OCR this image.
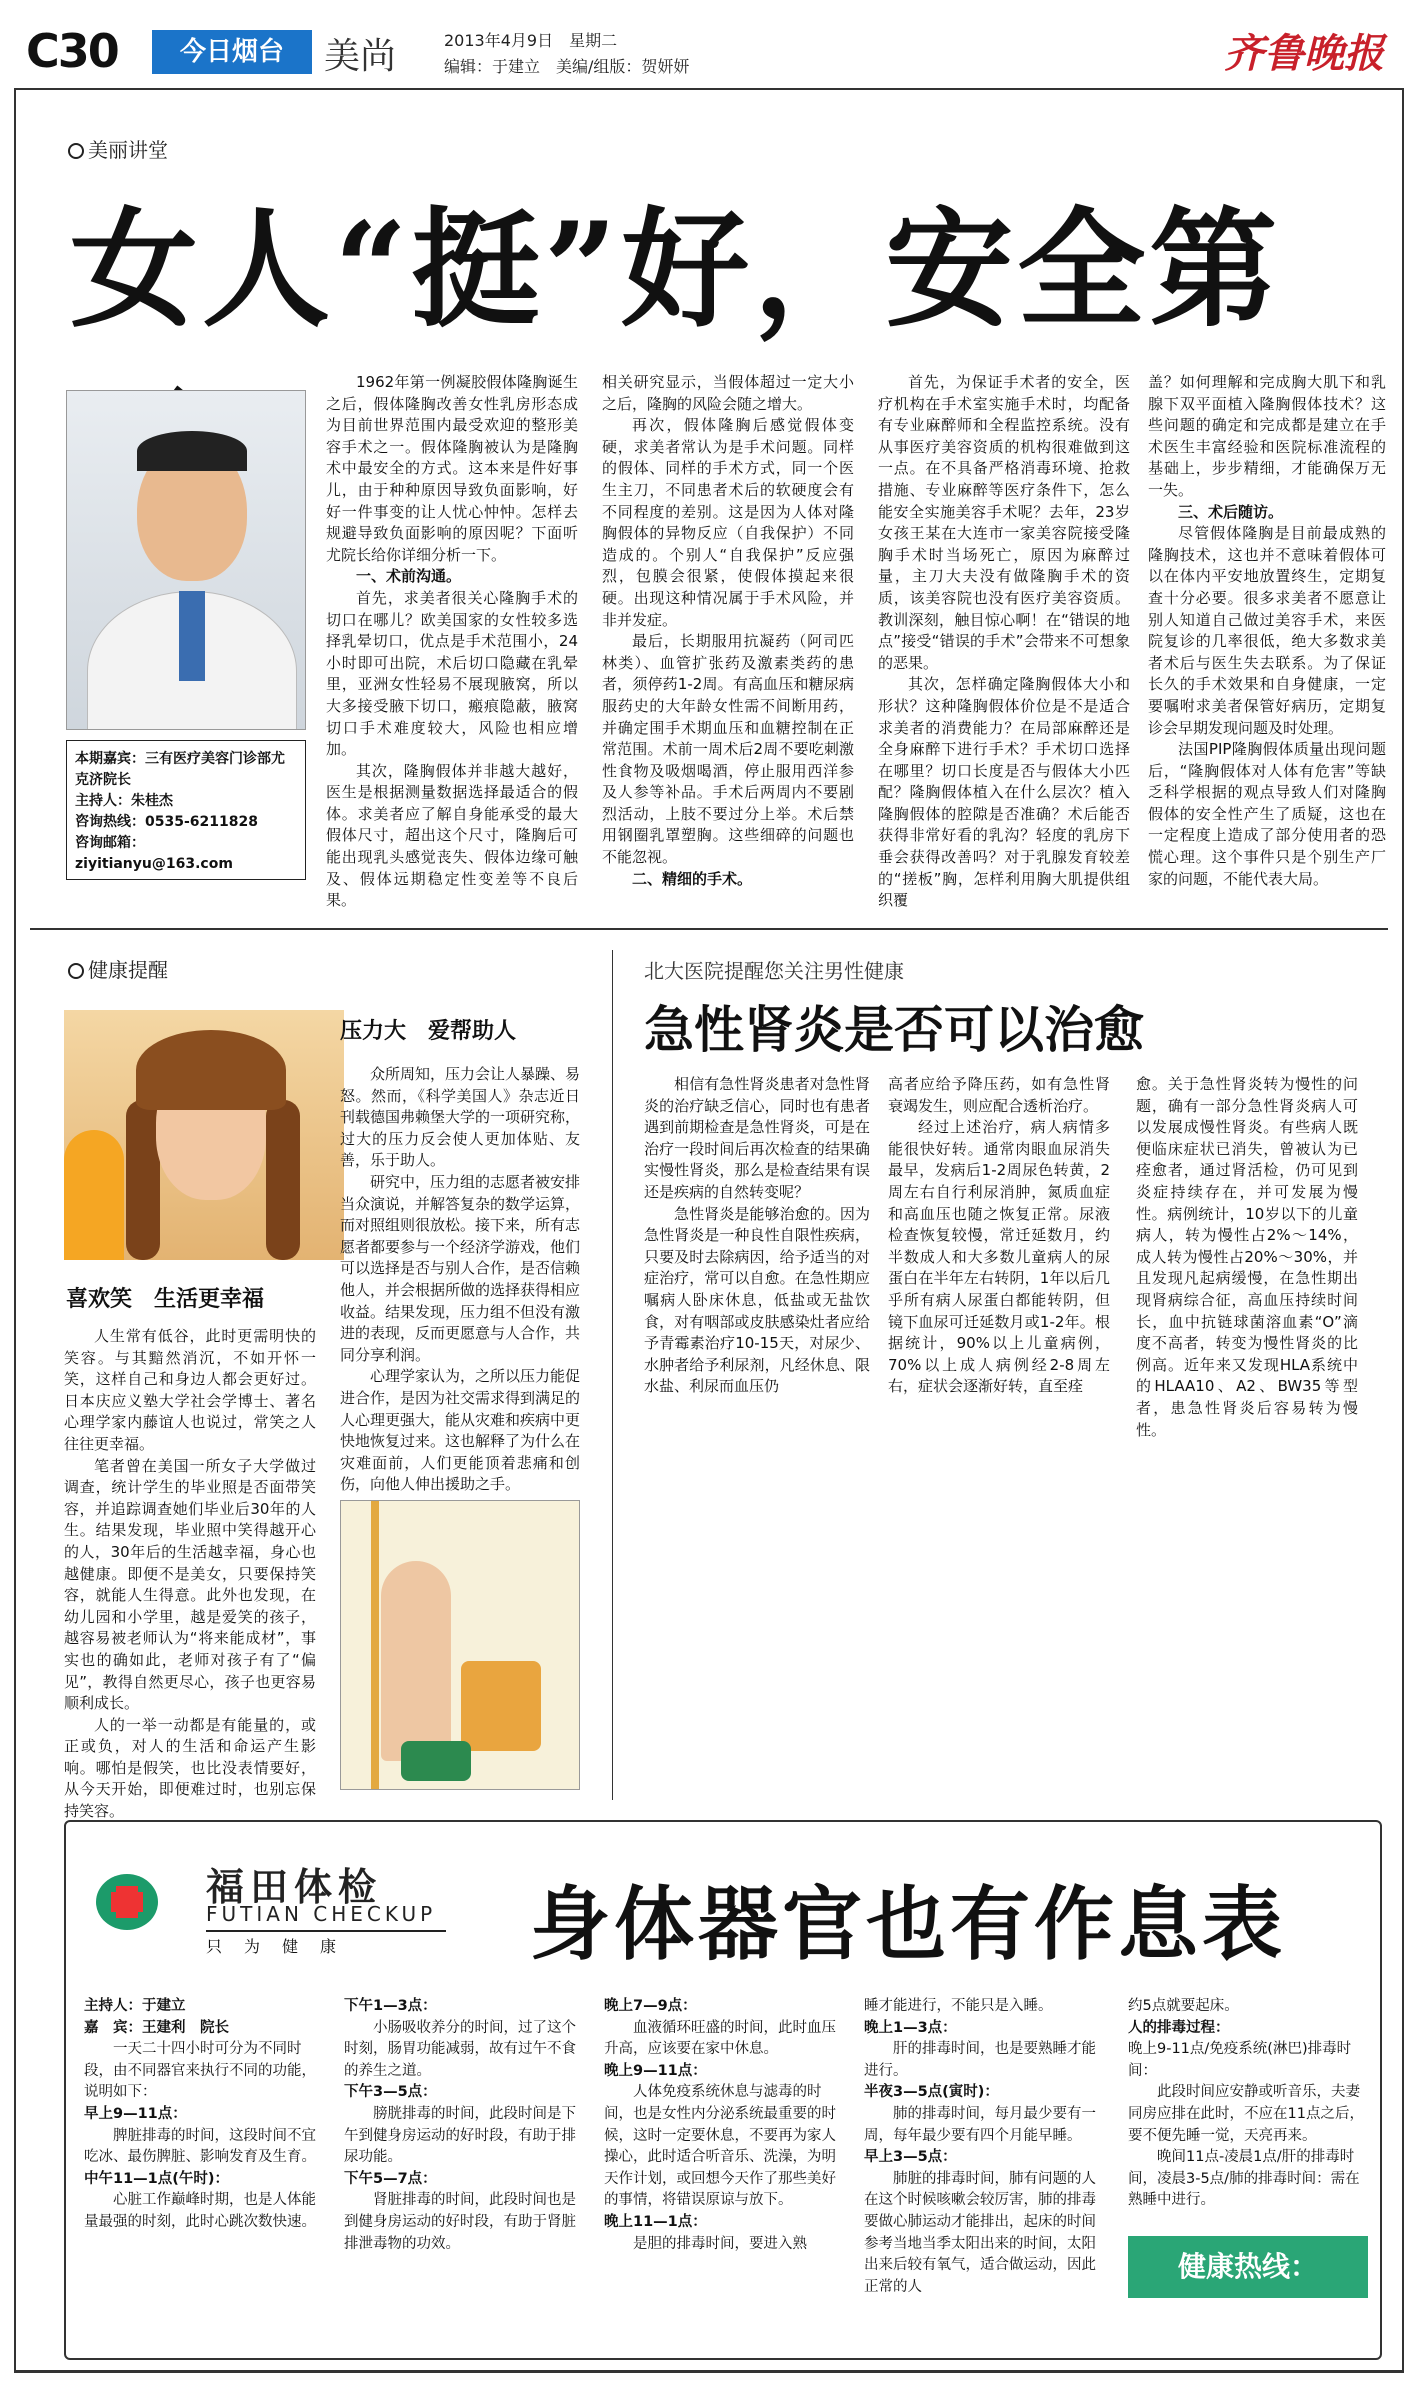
C30	今日烟台	美尚	2013年4月9日　星期二
编辑：于建立　美编/组版：贺妍妍	齐鲁晚报
美丽讲堂
女人“挺”好，安全第
本期嘉宾：三有医疗美容门诊部尤克济院长
主持人：朱桂杰
咨询热线：0535-6211828
咨询邮箱：ziyitianyu@163.com

1962年第一例凝胶假体隆胸诞生之后，假体隆胸改善女性乳房形态成为目前世界范围内最受欢迎的整形美容手术之一。假体隆胸被认为是隆胸术中最安全的方式。这本来是件好事儿，由于种种原因导致负面影响，好好一件事变的让人忧心忡忡。怎样去规避导致负面影响的原因呢？下面听尤院长给你详细分析一下。

一、术前沟通。

首先，求美者很关心隆胸手术的切口在哪儿？欧美国家的女性较多选择乳晕切口，优点是手术范围小，24小时即可出院，术后切口隐藏在乳晕里，亚洲女性轻易不展现腋窝，所以大多接受腋下切口，瘢痕隐蔽，腋窝切口手术难度较大，风险也相应增加。

其次，隆胸假体并非越大越好，医生是根据测量数据选择最适合的假体。求美者应了解自身能承受的最大假体尺寸，超出这个尺寸，隆胸后可能出现乳头感觉丧失、假体边缘可触及、假体远期稳定性变差等不良后果。

相关研究显示，当假体超过一定大小之后，隆胸的风险会随之增大。

再次，假体隆胸后感觉假体变硬，求美者常认为是手术问题。同样的假体、同样的手术方式，同一个医生主刀，不同患者术后的软硬度会有不同程度的差别。这是因为人体对隆胸假体的异物反应（自我保护）不同造成的。个别人“自我保护”反应强烈，包膜会很紧，使假体摸起来很硬。出现这种情况属于手术风险，并非并发症。

最后，长期服用抗凝药（阿司匹林类）、血管扩张药及激素类药的患者，须停药1-2周。有高血压和糖尿病服药史的大年龄女性需不间断用药，并确定围手术期血压和血糖控制在正常范围。术前一周术后2周不要吃刺激性食物及吸烟喝酒，停止服用西洋参及人参等补品。手术后两周内不要剧烈活动，上肢不要过分上举。术后禁用钢圈乳罩塑胸。这些细碎的问题也不能忽视。

二、精细的手术。

首先，为保证手术者的安全，医疗机构在手术室实施手术时，均配备有专业麻醉师和全程监控系统。没有从事医疗美容资质的机构很难做到这一点。在不具备严格消毒环境、抢救措施、专业麻醉等医疗条件下，怎么能安全实施美容手术呢？去年，23岁女孩王某在大连市一家美容院接受隆胸手术时当场死亡，原因为麻醉过量，主刀大夫没有做隆胸手术的资质，该美容院也没有医疗美容资质。教训深刻，触目惊心啊！在“错误的地点”接受“错误的手术”会带来不可想象的恶果。

其次，怎样确定隆胸假体大小和形状？这种隆胸假体价位是不是适合求美者的消费能力？在局部麻醉还是全身麻醉下进行手术？手术切口选择在哪里？切口长度是否与假体大小匹配？隆胸假体植入在什么层次？植入隆胸假体的腔隙是否准确？术后能否获得非常好看的乳沟？轻度的乳房下垂会获得改善吗？对于乳腺发育较差的“搓板”胸，怎样利用胸大肌提供组织覆

盖？如何理解和完成胸大肌下和乳腺下双平面植入隆胸假体技术？这些问题的确定和完成都是建立在手术医生丰富经验和医院标准流程的基础上，步步精细，才能确保万无一失。

三、术后随访。

尽管假体隆胸是目前最成熟的隆胸技术，这也并不意味着假体可以在体内平安地放置终生，定期复查十分必要。很多求美者不愿意让别人知道自己做过美容手术，来医院复诊的几率很低，绝大多数求美者术后与医生失去联系。为了保证长久的手术效果和自身健康，一定要嘱咐求美者保管好病历，定期复诊会早期发现问题及时处理。

法国PIP隆胸假体质量出现问题后，“隆胸假体对人体有危害”等缺乏科学根据的观点导致人们对隆胸假体的安全性产生了质疑，这也在一定程度上造成了部分使用者的恐慌心理。这个事件只是个别生产厂家的问题，不能代表大局。

健康提醒
喜欢笑　生活更幸福

人生常有低谷，此时更需明快的笑容。与其黯然消沉，不如开怀一笑，这样自己和身边人都会更好过。日本庆应义塾大学社会学博士、著名心理学家内藤谊人也说过，常笑之人往往更幸福。

笔者曾在美国一所女子大学做过调查，统计学生的毕业照是否面带笑容，并追踪调查她们毕业后30年的人生。结果发现，毕业照中笑得越开心的人，30年后的生活越幸福，身心也越健康。即便不是美女，只要保持笑容，就能人生得意。此外也发现，在幼儿园和小学里，越是爱笑的孩子，越容易被老师认为“将来能成材”，事实也的确如此，老师对孩子有了“偏见”，教得自然更尽心，孩子也更容易顺利成长。

人的一举一动都是有能量的，或正或负，对人的生活和命运产生影响。哪怕是假笑，也比没表情要好，从今天开始，即便难过时，也别忘保持笑容。

压力大　爱帮助人

众所周知，压力会让人暴躁、易怒。然而，《科学美国人》杂志近日刊载德国弗赖堡大学的一项研究称，过大的压力反会使人更加体贴、友善，乐于助人。

研究中，压力组的志愿者被安排当众演说，并解答复杂的数学运算，而对照组则很放松。接下来，所有志愿者都要参与一个经济学游戏，他们可以选择是否与别人合作，是否信赖他人，并会根据所做的选择获得相应收益。结果发现，压力组不但没有激进的表现，反而更愿意与人合作，共同分享利润。

心理学家认为，之所以压力能促进合作，是因为社交需求得到满足的人心理更强大，能从灾难和疾病中更快地恢复过来。这也解释了为什么在灾难面前，人们更能顶着悲痛和创伤，向他人伸出援助之手。

北大医院提醒您关注男性健康
急性肾炎是否可以治愈

相信有急性肾炎患者对急性肾炎的治疗缺乏信心，同时也有患者遇到前期检查是急性肾炎，可是在治疗一段时间后再次检查的结果确实慢性肾炎，那么是检查结果有误还是疾病的自然转变呢？

急性肾炎是能够治愈的。因为急性肾炎是一种良性自限性疾病，只要及时去除病因，给予适当的对症治疗，常可以自愈。在急性期应嘱病人卧床休息，低盐或无盐饮食，对有咽部或皮肤感染灶者应给予青霉素治疗10-15天，对尿少、水肿者给予利尿剂，凡经休息、限水盐、利尿而血压仍

高者应给予降压药，如有急性肾衰竭发生，则应配合透析治疗。

经过上述治疗，病人病情多能很快好转。通常肉眼血尿消失最早，发病后1-2周尿色转黄，2周左右自行利尿消肿，氮质血症和高血压也随之恢复正常。尿液检查恢复较慢，常迁延数月，约半数成人和大多数儿童病人的尿蛋白在半年左右转阴，1年以后几乎所有病人尿蛋白都能转阴，但镜下血尿可迁延数月或1-2年。根据统计，90%以上儿童病例，70%以上成人病例经2-8周左右，症状会逐渐好转，直至痊

愈。关于急性肾炎转为慢性的问题，确有一部分急性肾炎病人可以发展成慢性肾炎。有些病人既便临床症状已消失，曾被认为已痊愈者，通过肾活检，仍可见到炎症持续存在，并可发展为慢性。病例统计，10岁以下的儿童病人，转为慢性占2%～14%，成人转为慢性占20%～30%，并且发现凡起病缓慢，在急性期出现肾病综合征，高血压持续时间长，血中抗链球菌溶血素“O”滴度不高者，转变为慢性肾炎的比例高。近年来又发现HLA系统中的HLAA10、A2、BW35等型者，患急性肾炎后容易转为慢性。

福田体检
FUTIAN CHECKUP
只为健康	身体器官也有作息表
主持人：于建立
嘉　宾：王建利　院长

一天二十四小时可分为不同时段，由不同器官来执行不同的功能，说明如下：

早上9—11点：

脾脏排毒的时间，这段时间不宜吃冰、最伤脾脏、影响发育及生育。

中午11—1点(午时)：

心脏工作巅峰时期，也是人体能量最强的时刻，此时心跳次数快速。

下午1—3点：

小肠吸收养分的时间，过了这个时刻，肠胃功能减弱，故有过午不食的养生之道。

下午3—5点：

膀胱排毒的时间，此段时间是下午到健身房运动的好时段，有助于排尿功能。

下午5—7点：

肾脏排毒的时间，此段时间也是到健身房运动的好时段，有助于肾脏排泄毒物的功效。

晚上7—9点：

血液循环旺盛的时间，此时血压升高，应该要在家中休息。

晚上9—11点：

人体免疫系统休息与滤毒的时间，也是女性内分泌系统最重要的时候，这时一定要休息，不要再为家人操心，此时适合听音乐、洗澡，为明天作计划，或回想今天作了那些美好的事情，将错误原谅与放下。

晚上11—1点：

是胆的排毒时间，要进入熟

睡才能进行，不能只是入睡。
晚上1—3点：

肝的排毒时间，也是要熟睡才能进行。

半夜3—5点(寅时)：

肺的排毒时间，每月最少要有一周，每年最少要有四个月能早睡。

早上3—5点：

肺脏的排毒时间，肺有问题的人在这个时候咳嗽会较厉害，肺的排毒要做心肺运动才能排出，起床的时间参考当地当季太阳出来的时间，太阳出来后较有氧气，适合做运动，因此正常的人

约5点就要起床。
人的排毒过程：
晚上9-11点/免疫系统(淋巴)排毒时间：

此段时间应安静或听音乐，夫妻同房应排在此时，不应在11点之后，要不便先睡一觉，天亮再来。

晚间11点-凌晨1点/肝的排毒时间，凌晨3-5点/肺的排毒时间：需在熟睡中进行。

健康热线：6872222
